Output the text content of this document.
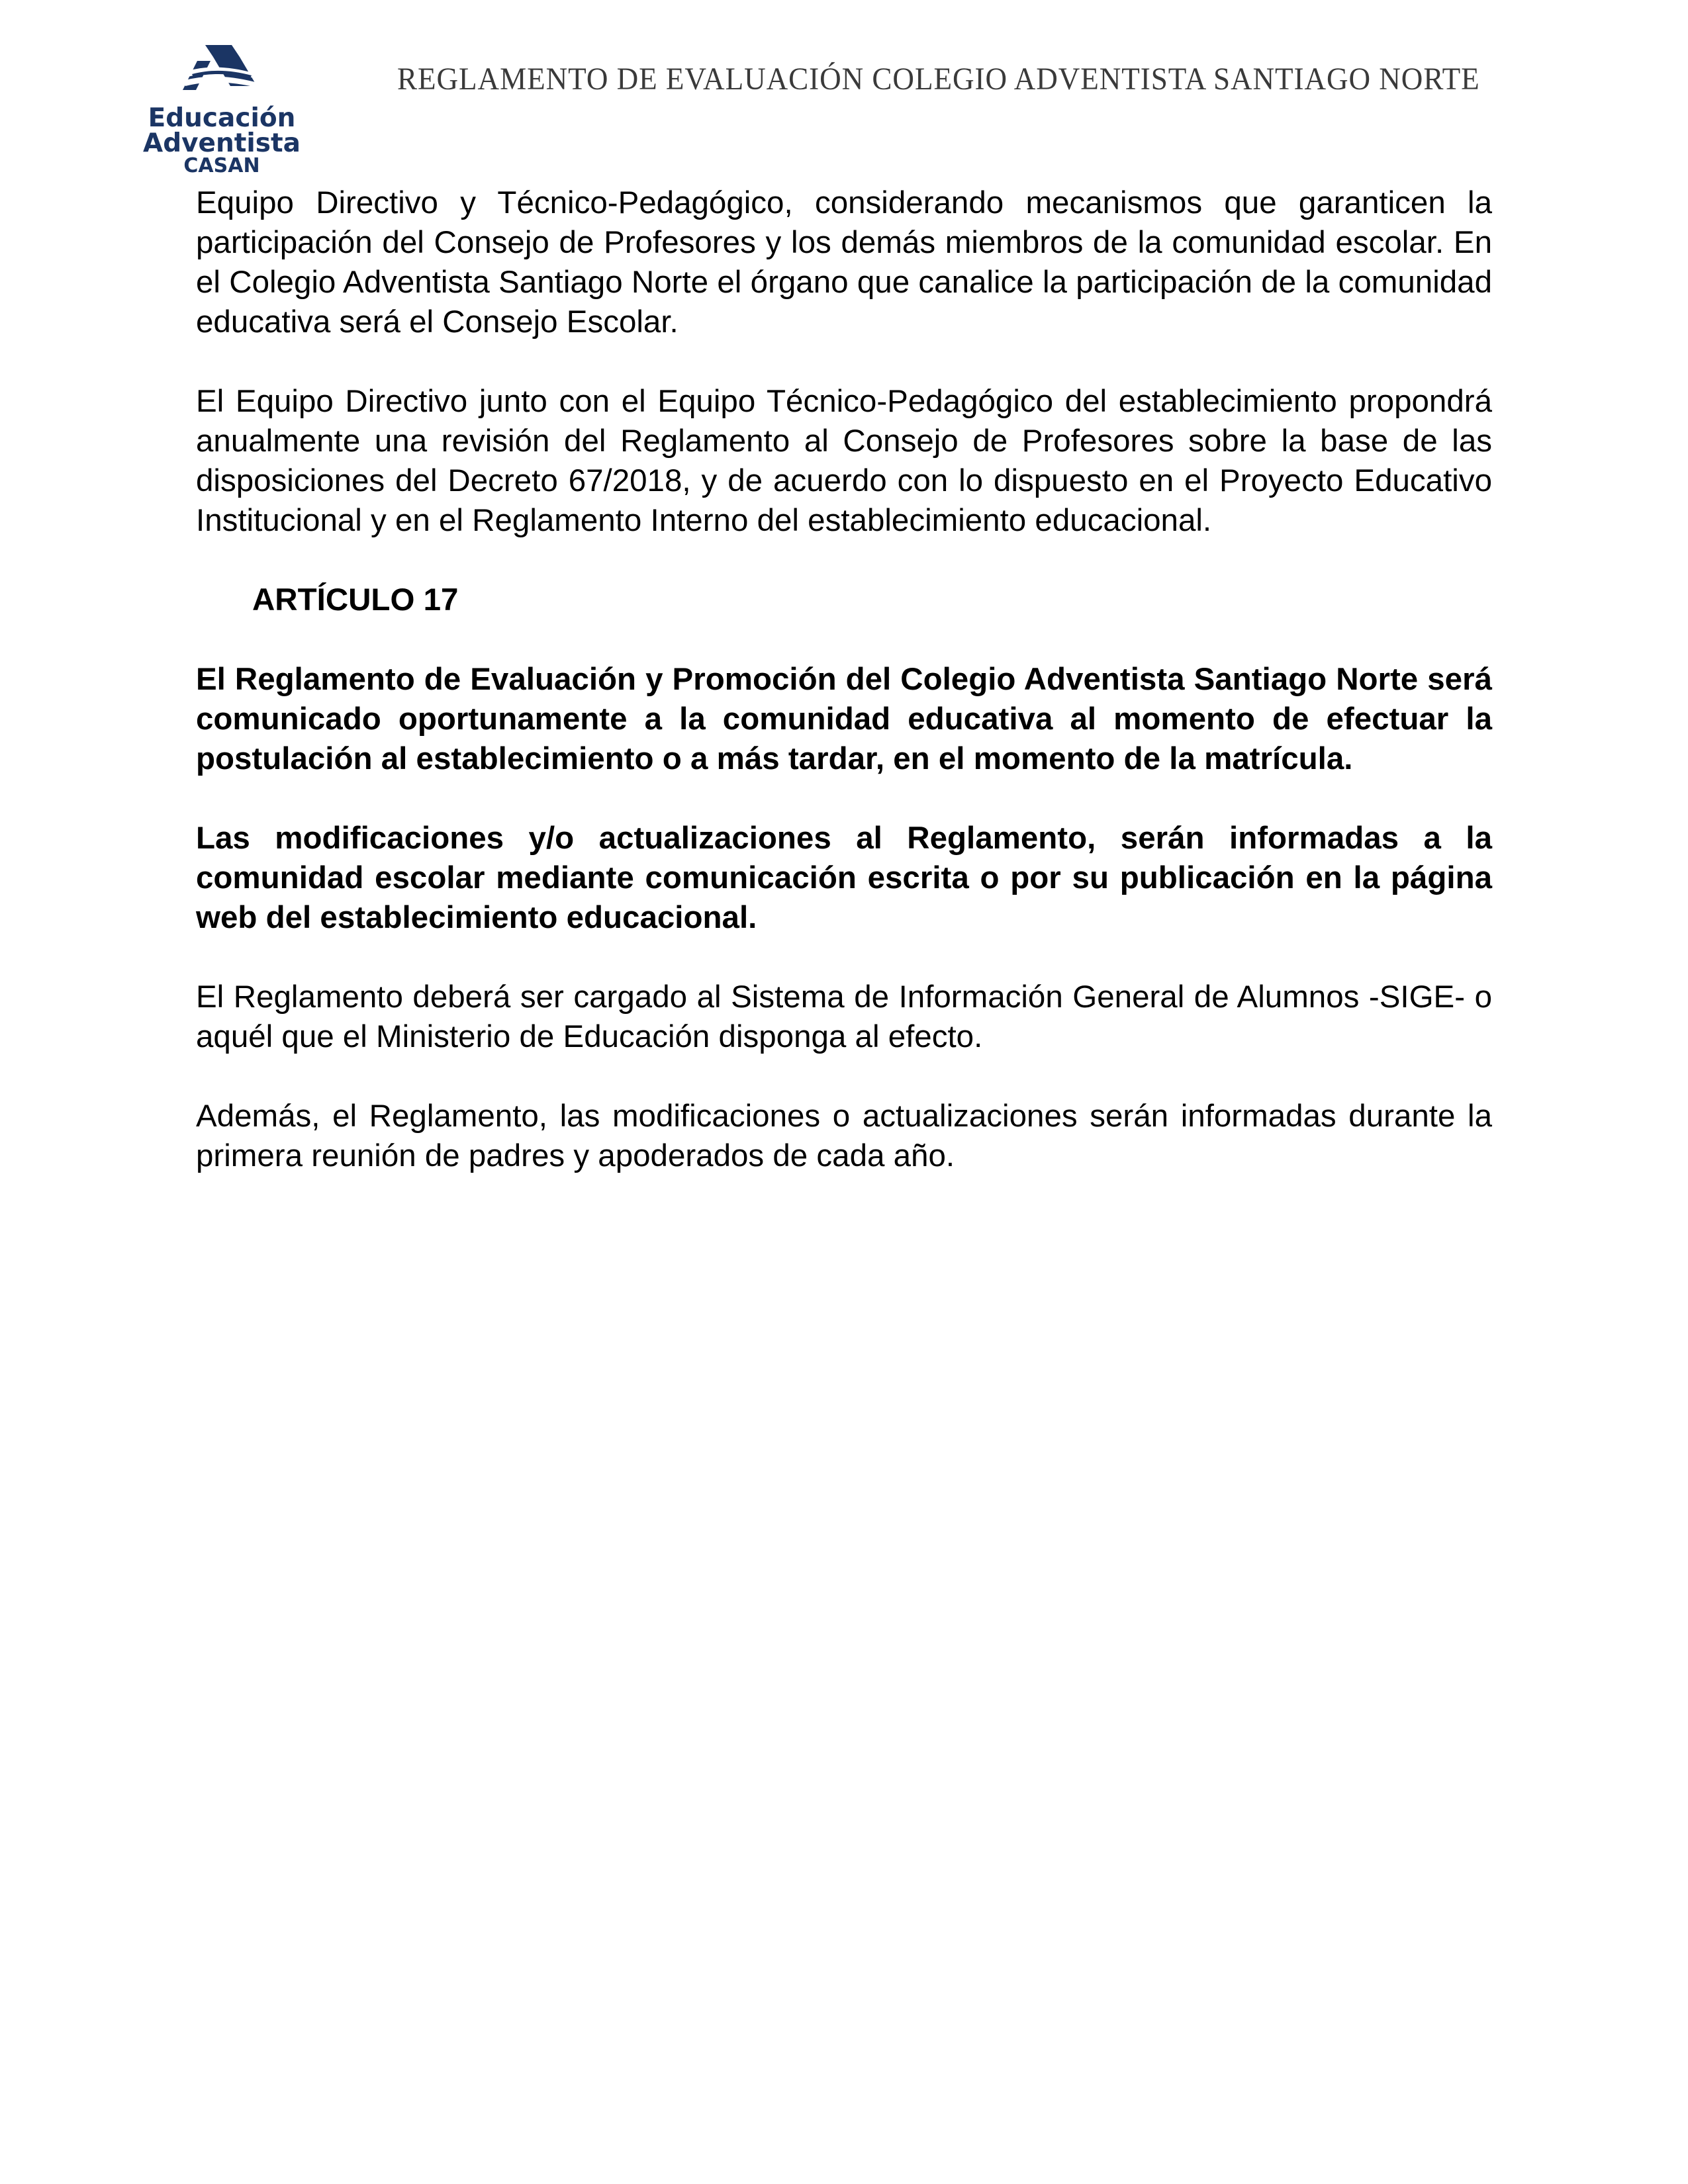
Educación
Adventista
CASAN
REGLAMENTO DE EVALUACIÓN COLEGIO ADVENTISTA SANTIAGO NORTE

Equipo Directivo y Técnico-Pedagógico, considerando mecanismos que garanticen la participación del Consejo de Profesores y los demás miembros de la comunidad escolar. En el Colegio Adventista Santiago Norte el órgano que canalice la participación de la comunidad educativa será el Consejo Escolar.

El Equipo Directivo junto con el Equipo Técnico-Pedagógico del establecimiento propondrá anualmente una revisión del Reglamento al Consejo de Profesores sobre la base de las disposiciones del Decreto 67/2018, y de acuerdo con lo dispuesto en el Proyecto Educativo Institucional y en el Reglamento Interno del establecimiento educacional.

ARTÍCULO 17

El Reglamento de Evaluación y Promoción del Colegio Adventista Santiago Norte será comunicado oportunamente a la comunidad educativa al momento de efectuar la postulación al establecimiento o a más tardar, en el momento de la matrícula.

Las modificaciones y/o actualizaciones al Reglamento, serán informadas a la comunidad escolar mediante comunicación escrita o por su publicación en la página web del establecimiento educacional.

El Reglamento deberá ser cargado al Sistema de Información General de Alumnos -SIGE- o aquél que el Ministerio de Educación disponga al efecto.

Además, el Reglamento, las modificaciones o actualizaciones serán informadas durante la primera reunión de padres y apoderados de cada año.
